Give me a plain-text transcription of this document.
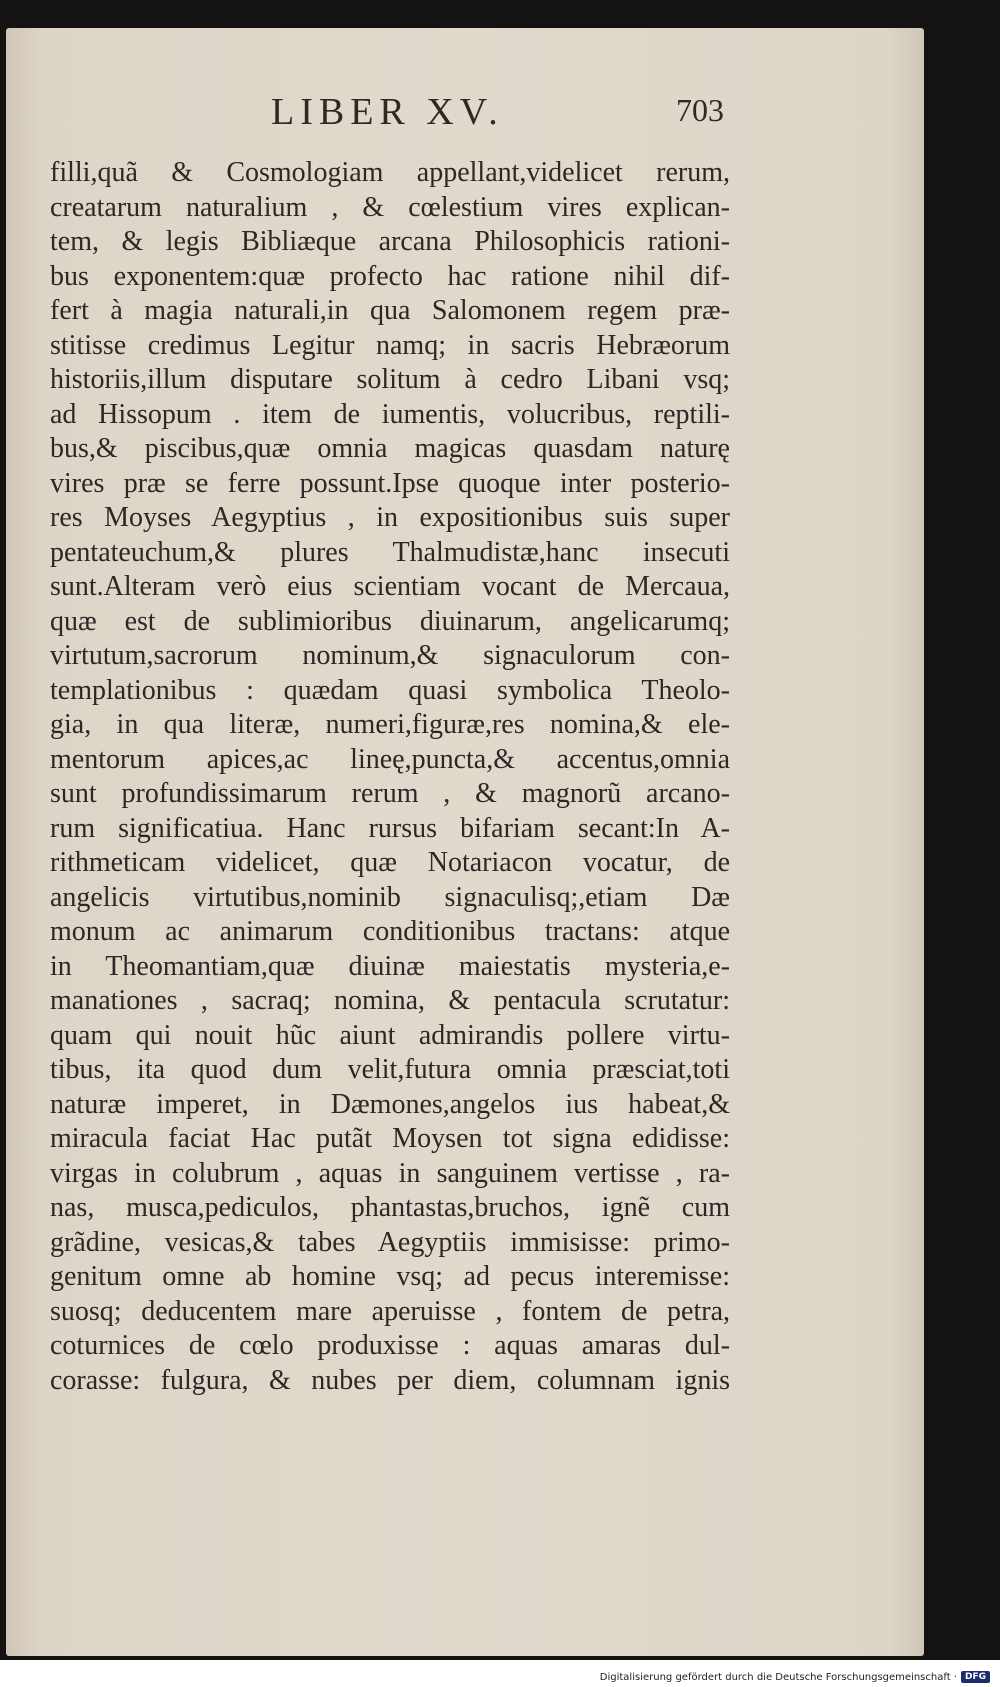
LIBER XV.	703
filli,quã & Cosmologiam appellant,videlicet rerum,
creatarum naturalium , & cœlestium vires explican-
tem, & legis Bibliæque arcana Philosophicis rationi-
bus exponentem:quæ profecto hac ratione nihil dif-
fert à magia naturali,in qua Salomonem regem præ-
stitisse credimus Legitur namq; in sacris Hebræorum
historiis,illum disputare solitum à cedro Libani vsq;
ad Hissopum . item de iumentis, volucribus, reptili-
bus,& piscibus,quæ omnia magicas quasdam naturę
vires præ se ferre possunt.Ipse quoque inter posterio-
res Moyses Aegyptius , in expositionibus suis super
pentateuchum,& plures Thalmudistæ,hanc insecuti
sunt.Alteram verò eius scientiam vocant de Mercaua,
quæ est de sublimioribus diuinarum, angelicarumq;
virtutum,sacrorum nominum,& signaculorum con-
templationibus : quædam quasi symbolica Theolo-
gia, in qua literæ, numeri,figuræ,res nomina,& ele-
mentorum apices,ac lineę,puncta,& accentus,omnia
sunt profundissimarum rerum , & magnorũ arcano-
rum significatiua. Hanc rursus bifariam secant:In A-
rithmeticam videlicet, quæ Notariacon vocatur, de
angelicis virtutibus,nominib signaculisq;,etiam Dæ
monum ac animarum conditionibus tractans: atque
in Theomantiam,quæ diuinæ maiestatis mysteria,e-
manationes , sacraq; nomina, & pentacula scrutatur:
quam qui nouit hũc aiunt admirandis pollere virtu-
tibus, ita quod dum velit,futura omnia præsciat,toti
naturæ imperet, in Dæmones,angelos ius habeat,&
miracula faciat Hac putãt Moysen tot signa edidisse:
virgas in colubrum , aquas in sanguinem vertisse , ra-
nas, musca,pediculos, phantastas,bruchos, ignẽ cum
grãdine, vesicas,& tabes Aegyptiis immisisse: primo-
genitum omne ab homine vsq; ad pecus interemisse:
suosq; deducentem mare aperuisse , fontem de petra,
coturnices de cœlo produxisse : aquas amaras dul-
corasse: fulgura, & nubes per diem, columnam ignis
Digitalisierung gefördert durch die Deutsche Forschungsgemeinschaft · DFG
